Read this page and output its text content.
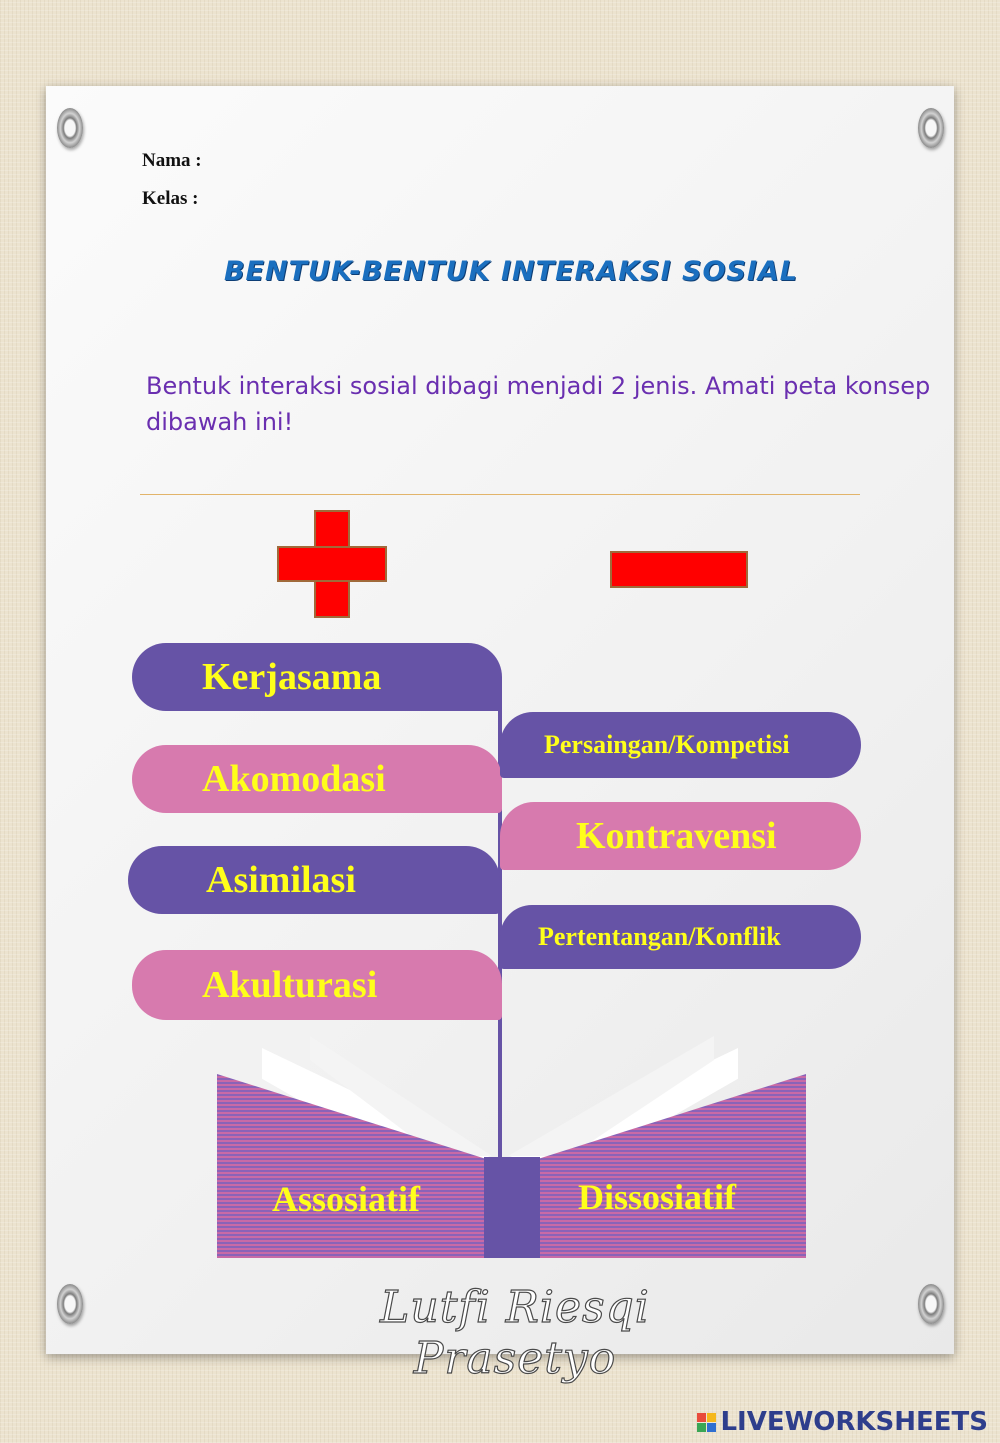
Nama :
Kelas :
BENTUK-BENTUK INTERAKSI SOSIAL
Bentuk interaksi sosial dibagi menjadi 2 jenis. Amati peta konsep dibawah ini!
Kerjasama
Akomodasi
Asimilasi
Akulturasi
Persaingan/Kompetisi
Kontravensi
Pertentangan/Konflik
Assosiatif	Dissosiatif
Lutfi Riesqi Prasetyo
LIVEWORKSHEETS
